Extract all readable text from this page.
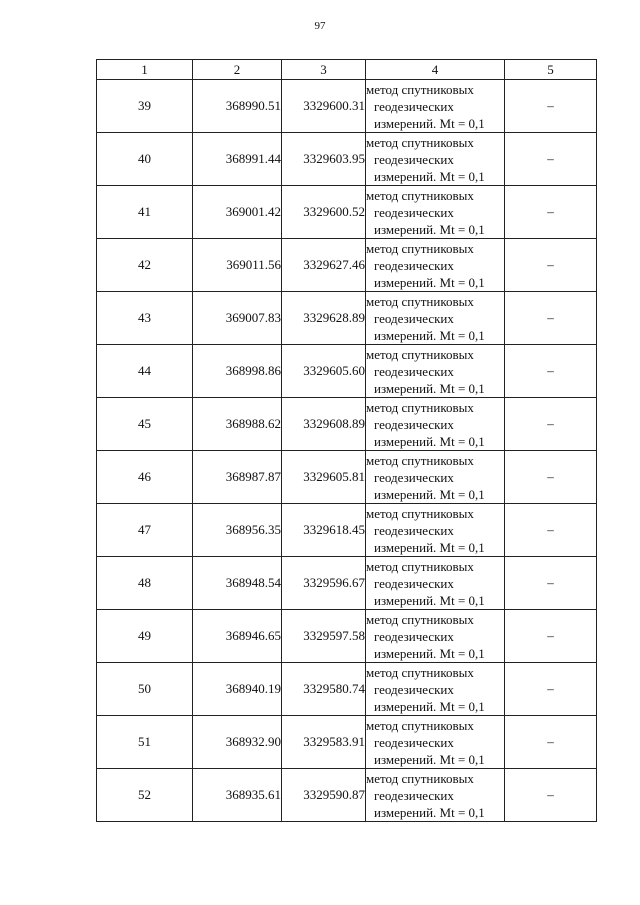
97
1	2	3	4	5
39	368990.51	3329600.31	метод спутниковых
геодезических
измерений. Mt = 0,1	–
40	368991.44	3329603.95	метод спутниковых
геодезических
измерений. Mt = 0,1	–
41	369001.42	3329600.52	метод спутниковых
геодезических
измерений. Mt = 0,1	–
42	369011.56	3329627.46	метод спутниковых
геодезических
измерений. Mt = 0,1	–
43	369007.83	3329628.89	метод спутниковых
геодезических
измерений. Mt = 0,1	–
44	368998.86	3329605.60	метод спутниковых
геодезических
измерений. Mt = 0,1	–
45	368988.62	3329608.89	метод спутниковых
геодезических
измерений. Mt = 0,1	–
46	368987.87	3329605.81	метод спутниковых
геодезических
измерений. Mt = 0,1	–
47	368956.35	3329618.45	метод спутниковых
геодезических
измерений. Mt = 0,1	–
48	368948.54	3329596.67	метод спутниковых
геодезических
измерений. Mt = 0,1	–
49	368946.65	3329597.58	метод спутниковых
геодезических
измерений. Mt = 0,1	–
50	368940.19	3329580.74	метод спутниковых
геодезических
измерений. Mt = 0,1	–
51	368932.90	3329583.91	метод спутниковых
геодезических
измерений. Mt = 0,1	–
52	368935.61	3329590.87	метод спутниковых
геодезических
измерений. Mt = 0,1	–
